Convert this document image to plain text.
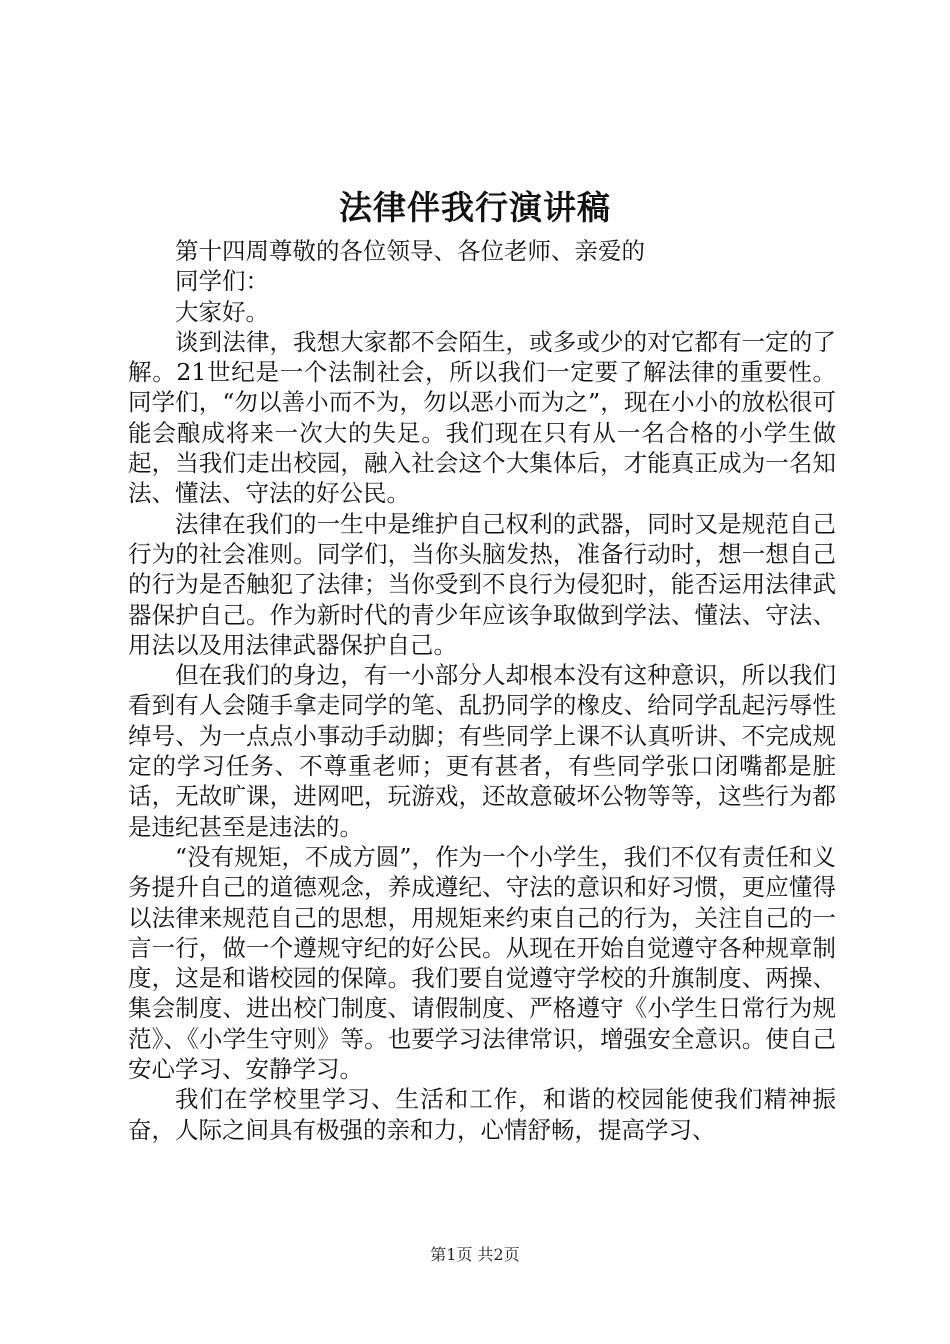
法律伴我行演讲稿

第十四周尊敬的各位领导、各位老师、亲爱的

同学们：

大家好。

谈到法律，我想大家都不会陌生，或多或少的对它都有一定的了解。21世纪是一个法制社会，所以我们一定要了解法律的重要性。同学们，“勿以善小而不为，勿以恶小而为之”，现在小小的放松很可能会酿成将来一次大的失足。我们现在只有从一名合格的小学生做起，当我们走出校园，融入社会这个大集体后，才能真正成为一名知法、懂法、守法的好公民。

法律在我们的一生中是维护自己权利的武器，同时又是规范自己行为的社会准则。同学们，当你头脑发热，准备行动时，想一想自己的行为是否触犯了法律；当你受到不良行为侵犯时，能否运用法律武器保护自己。作为新时代的青少年应该争取做到学法、懂法、守法、用法以及用法律武器保护自己。

但在我们的身边，有一小部分人却根本没有这种意识，所以我们看到有人会随手拿走同学的笔、乱扔同学的橡皮、给同学乱起污辱性绰号、为一点点小事动手动脚；有些同学上课不认真听讲、不完成规定的学习任务、不尊重老师；更有甚者，有些同学张口闭嘴都是脏话，无故旷课，进网吧，玩游戏，还故意破坏公物等等，这些行为都是违纪甚至是违法的。

“没有规矩，不成方圆”，作为一个小学生，我们不仅有责任和义务提升自己的道德观念，养成遵纪、守法的意识和好习惯，更应懂得以法律来规范自己的思想，用规矩来约束自己的行为，关注自己的一言一行，做一个遵规守纪的好公民。从现在开始自觉遵守各种规章制度，这是和谐校园的保障。我们要自觉遵守学校的升旗制度、两操、集会制度、进出校门制度、请假制度、严格遵守《小学生日常行为规范》、《小学生守则》等。也要学习法律常识，增强安全意识。使自己安心学习、安静学习。

我们在学校里学习、生活和工作，和谐的校园能使我们精神振奋，人际之间具有极强的亲和力，心情舒畅，提高学习、

第1页 共2页
